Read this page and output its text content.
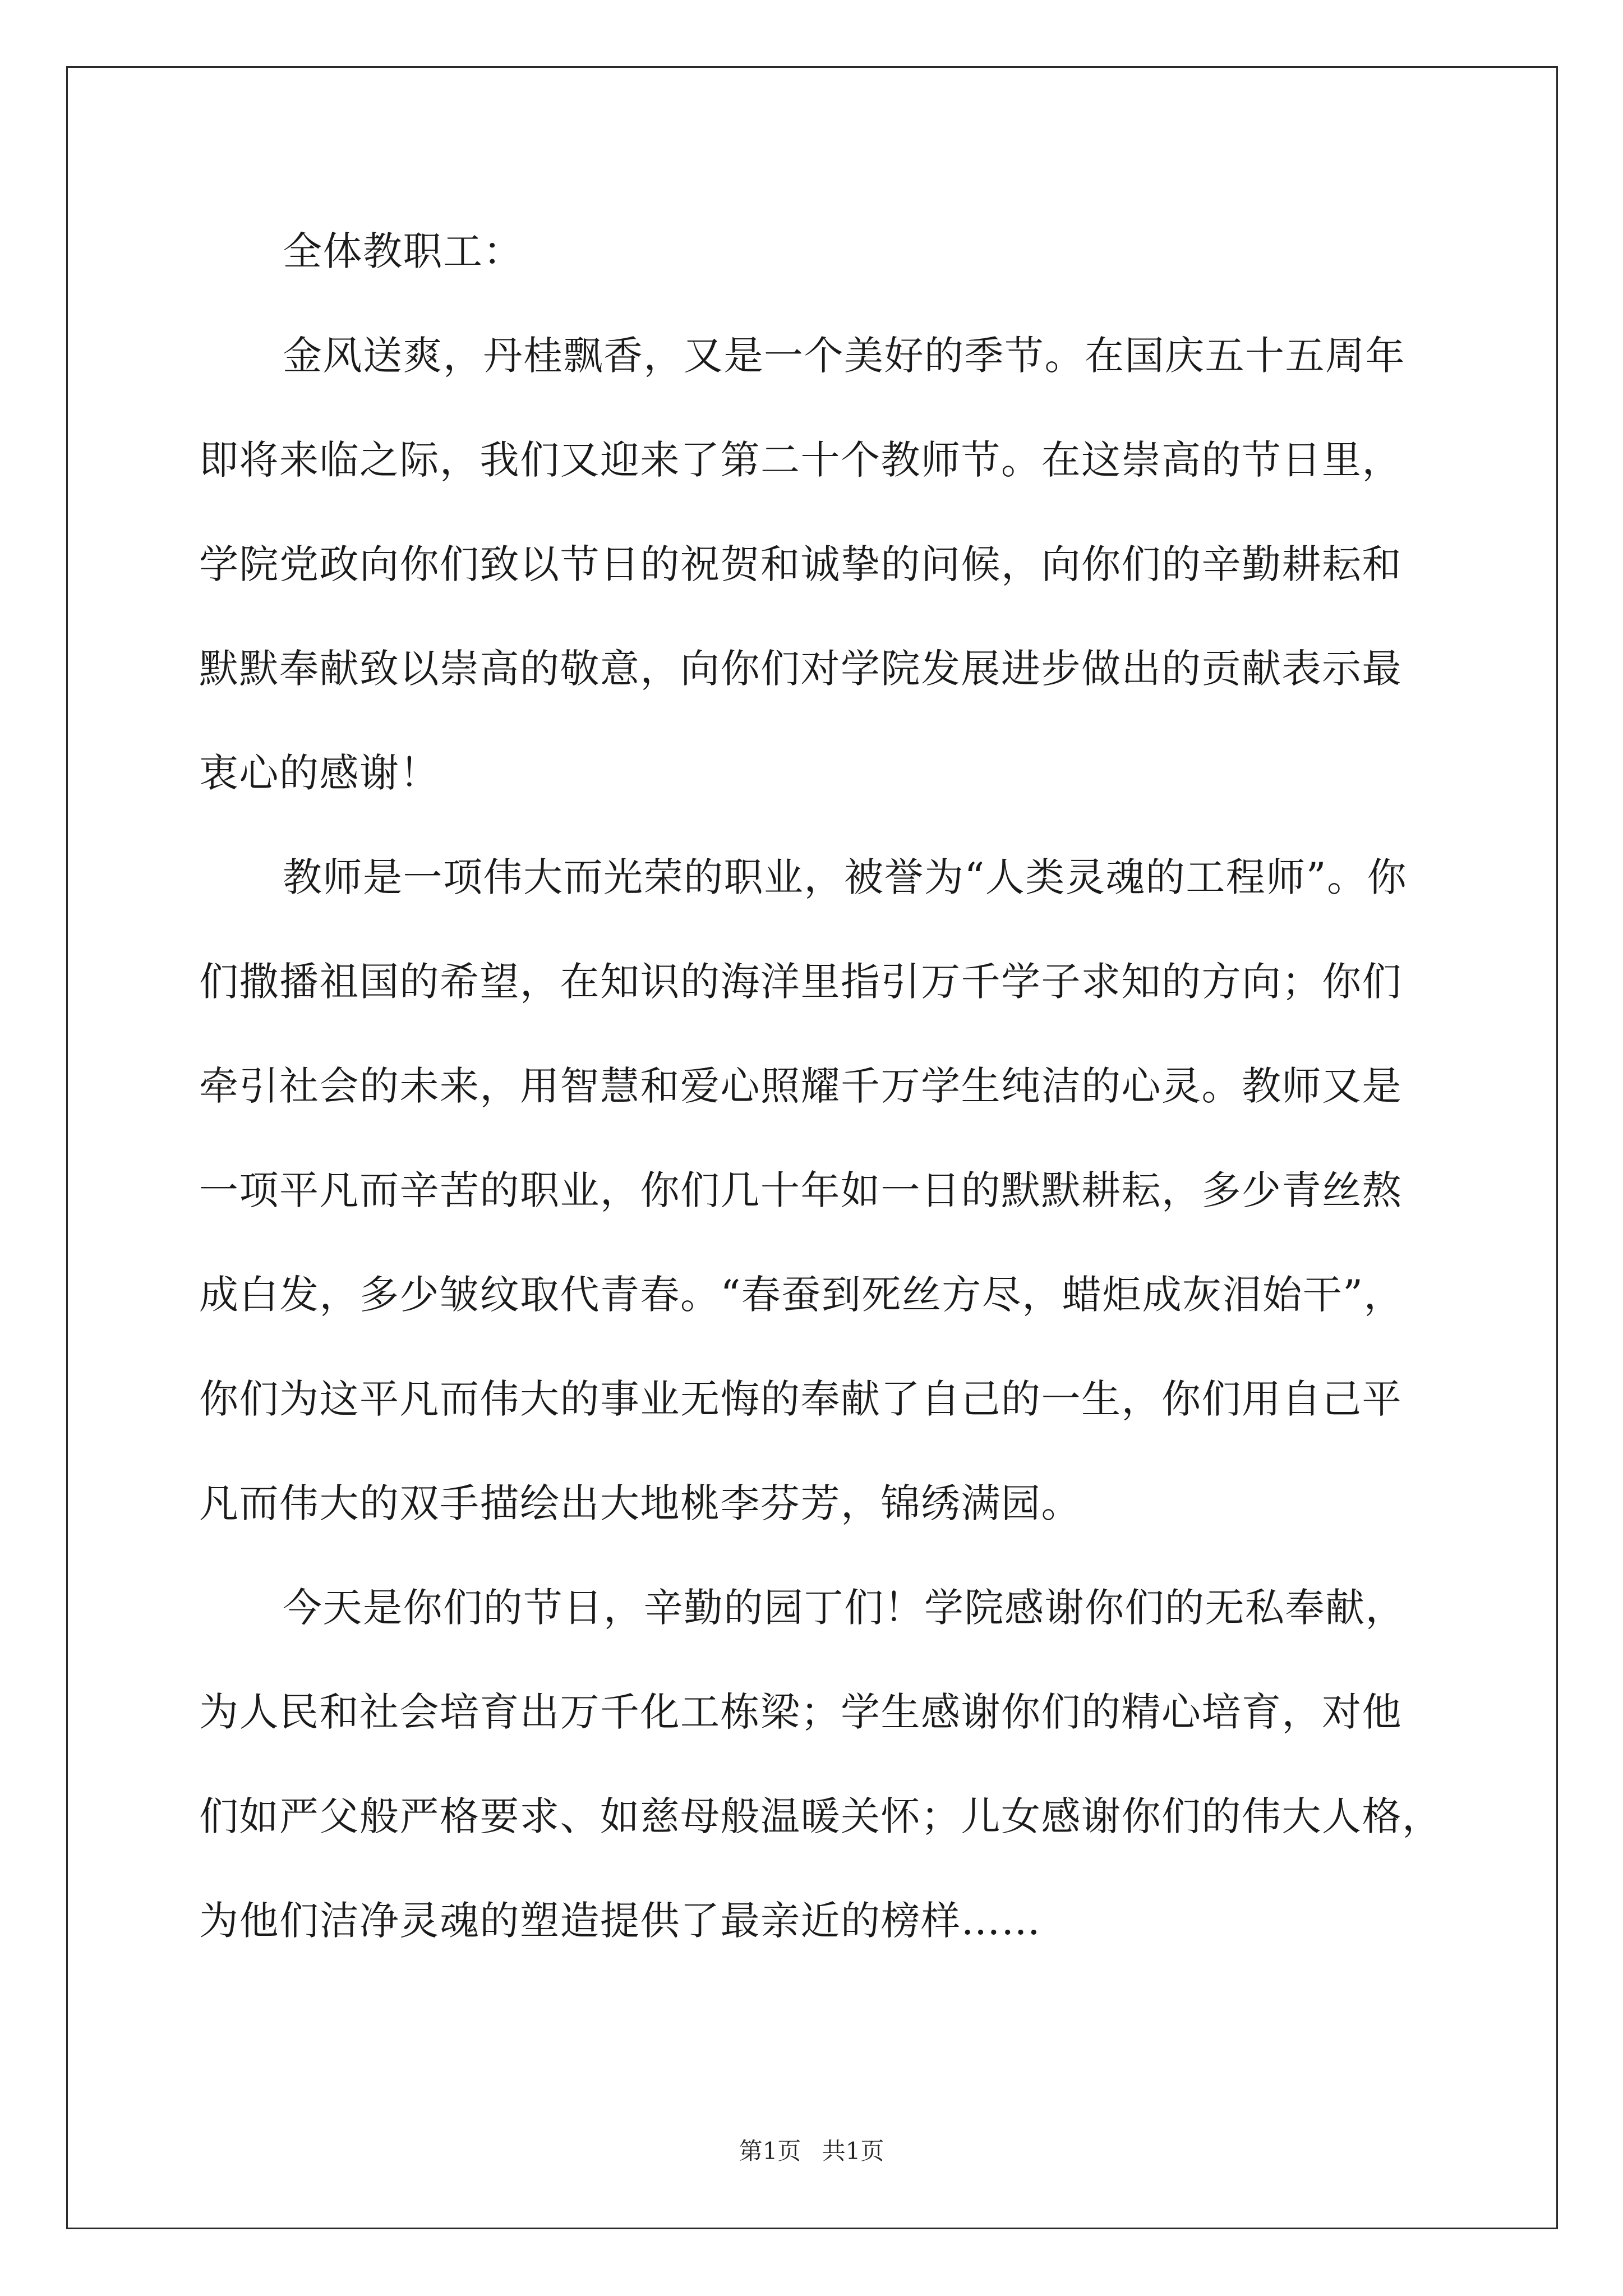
全体教职工：
金风送爽，丹桂飘香，又是一个美好的季节。在国庆五十五周年
即将来临之际，我们又迎来了第二十个教师节。在这崇高的节日里，
学院党政向你们致以节日的祝贺和诚挚的问候，向你们的辛勤耕耘和
默默奉献致以崇高的敬意，向你们对学院发展进步做出的贡献表示最
衷心的感谢！
教师是一项伟大而光荣的职业，被誉为“人类灵魂的工程师”。你
们撒播祖国的希望，在知识的海洋里指引万千学子求知的方向；你们
牵引社会的未来，用智慧和爱心照耀千万学生纯洁的心灵。教师又是
一项平凡而辛苦的职业，你们几十年如一日的默默耕耘，多少青丝熬
成白发，多少皱纹取代青春。“春蚕到死丝方尽，蜡炬成灰泪始干”，
你们为这平凡而伟大的事业无悔的奉献了自己的一生，你们用自己平
凡而伟大的双手描绘出大地桃李芬芳，锦绣满园。
今天是你们的节日，辛勤的园丁们！学院感谢你们的无私奉献，
为人民和社会培育出万千化工栋梁；学生感谢你们的精心培育，对他
们如严父般严格要求、如慈母般温暖关怀；儿女感谢你们的伟大人格，
为他们洁净灵魂的塑造提供了最亲近的榜样……
第1页 共1页
